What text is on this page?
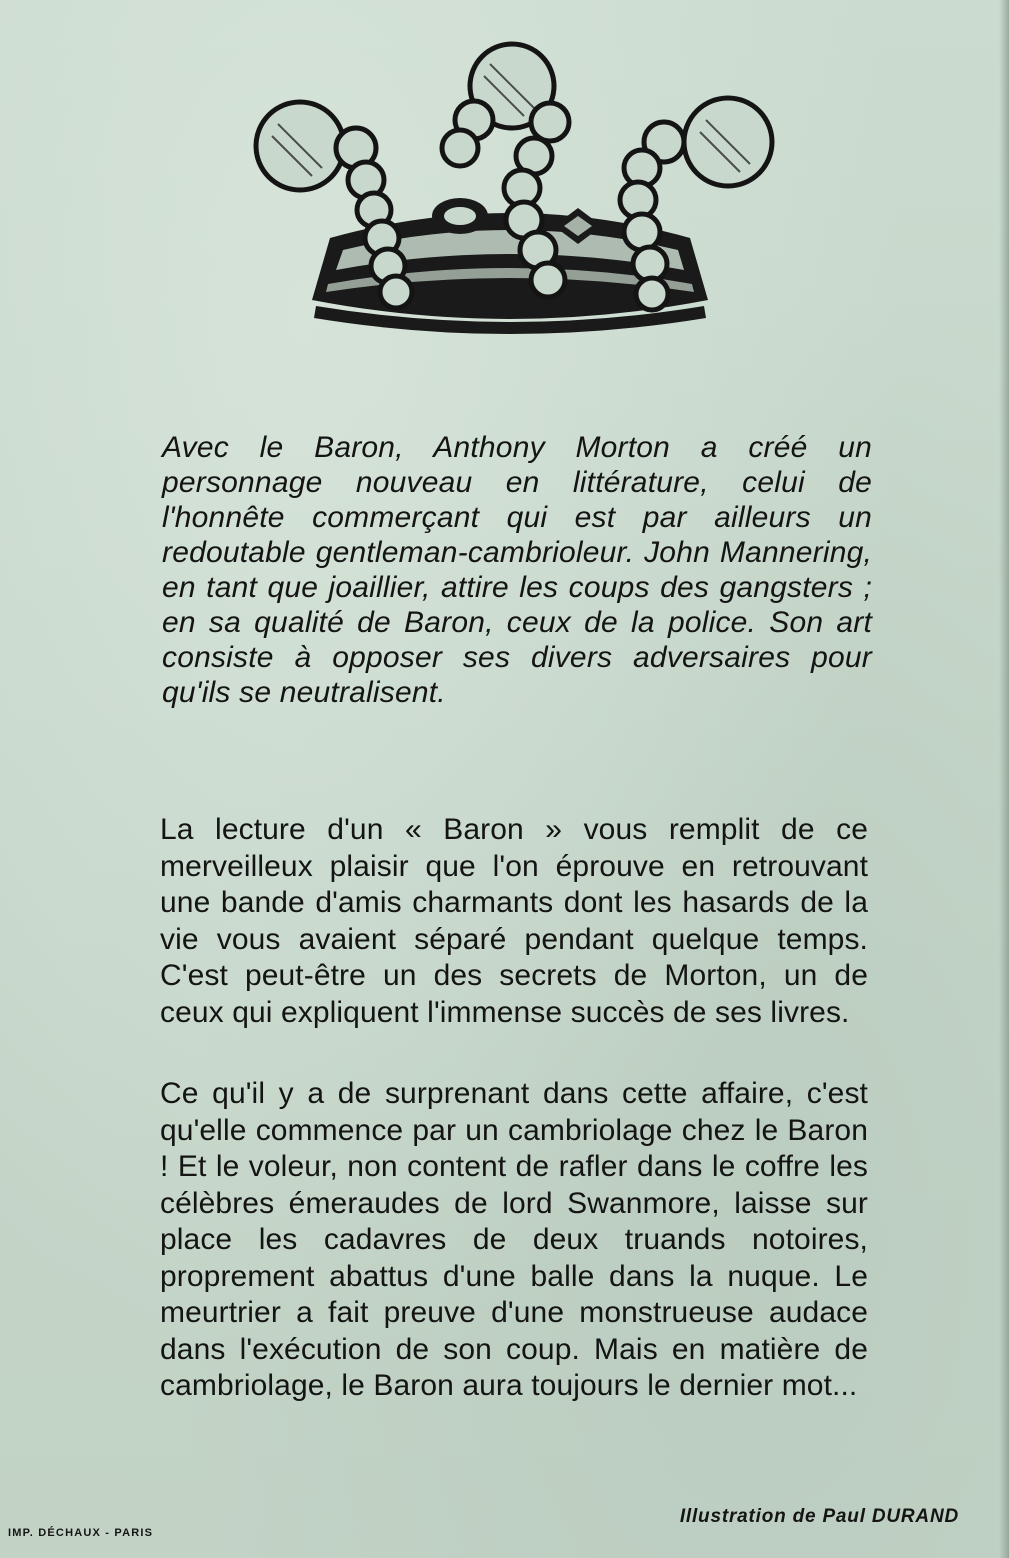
Avec le Baron, Anthony Morton a créé un personnage nouveau en littérature, celui de l'honnête commerçant qui est par ailleurs un redoutable gentleman-cambrioleur. John Mannering, en tant que joaillier, attire les coups des gangsters ; en sa qualité de Baron, ceux de la police. Son art consiste à opposer ses divers adversaires pour qu'ils se neutralisent.

La lecture d'un « Baron » vous remplit de ce merveilleux plaisir que l'on éprouve en retrouvant une bande d'amis charmants dont les hasards de la vie vous avaient séparé pendant quelque temps. C'est peut-être un des secrets de Morton, un de ceux qui expliquent l'immense succès de ses livres.

Ce qu'il y a de surprenant dans cette affaire, c'est qu'elle commence par un cambriolage chez le Baron ! Et le voleur, non content de rafler dans le coffre les célèbres émeraudes de lord Swanmore, laisse sur place les cadavres de deux truands notoires, proprement abattus d'une balle dans la nuque. Le meurtrier a fait preuve d'une monstrueuse audace dans l'exécution de son coup. Mais en matière de cambriolage, le Baron aura toujours le dernier mot...

IMP. DÉCHAUX - PARIS
Illustration de Paul DURAND
